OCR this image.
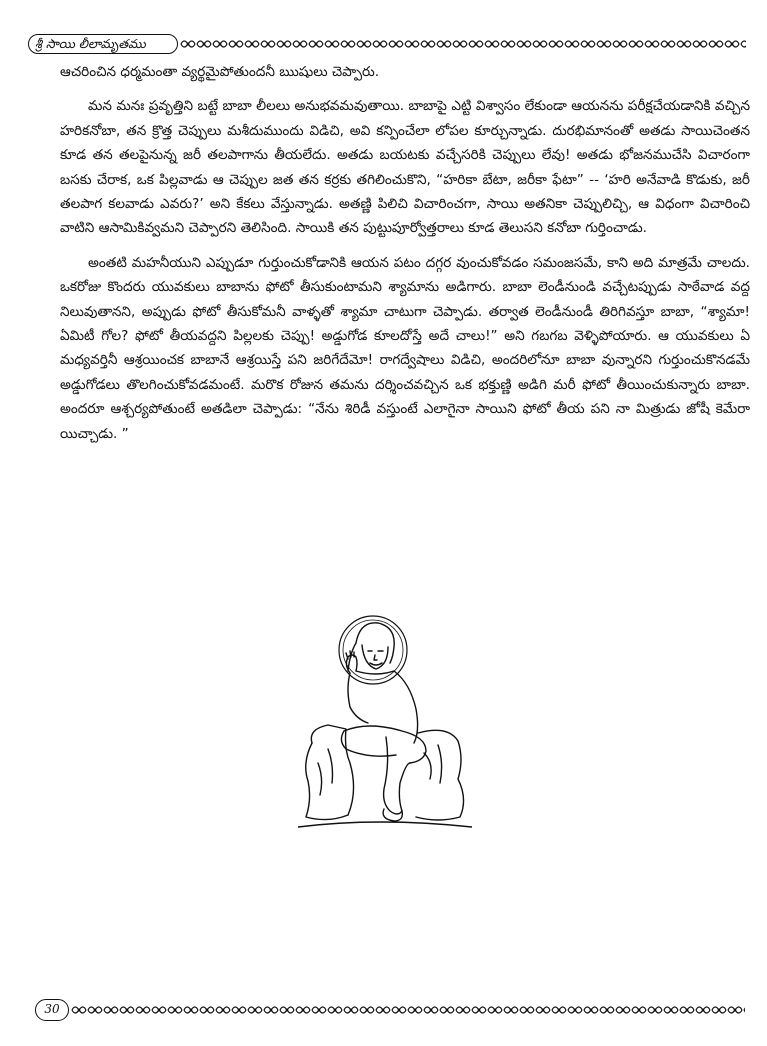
శ్రీ సాయి లీలామృతము

ఆచరించిన ధర్మమంతా వ్యర్థమైపోతుందనీ ఋషులు చెప్పారు.

మన మనః ప్రవృత్తిని బట్టే బాబా లీలలు అనుభవమవుతాయి. బాబాపై ఎట్టి విశ్వాసం లేకుండా ఆయనను పరీక్షచేయడానికి వచ్చిన హరికనోబా, తన క్రొత్త చెప్పులు మశీదుముందు విడిచి, అవి కన్పించేలా లోపల కూర్చున్నాడు. దురభిమానంతో అతడు సాయిచెంతన కూడ తన తలపైనున్న జరీ తలపాగాను తీయలేదు. అతడు బయటకు వచ్చేసరికి చెప్పులు లేవు! అతడు భోజనముచేసి విచారంగా బసకు చేరాక, ఒక పిల్లవాడు ఆ చెప్పుల జత తన కర్రకు తగిలించుకొని, “హరికా బేటా, జరీకా ఫేటా” -- ‘హరి అనేవాడి కొడుకు, జరీ తలపాగ కలవాడు ఎవరు?’ అని కేకలు వేస్తున్నాడు. అతణ్ణి పిలిచి విచారించగా, సాయి అతనికా చెప్పులిచ్చి, ఆ విధంగా విచారించి వాటిని ఆసామికివ్వమని చెప్పారని తెలిసింది. సాయికి తన పుట్టుపూర్వోత్తరాలు కూడ తెలుసని కనోబా గుర్తించాడు.

అంతటి మహనీయుని ఎప్పుడూ గుర్తుంచుకోడానికి ఆయన పటం దగ్గర వుంచుకోవడం సమంజసమే, కాని అది మాత్రమే చాలదు. ఒకరోజు కొందరు యువకులు బాబాను ఫోటో తీసుకుంటామని శ్యామాను అడిగారు. బాబా లెండీనుండి వచ్చేటప్పుడు సాఠేవాడ వద్ద నిలువుతానని, అప్పుడు ఫోటో తీసుకోమనీ వాళ్ళతో శ్యామా చాటుగా చెప్పాడు. తర్వాత లెండీనుండీ తిరిగివస్తూ బాబా, “శ్యామా! ఏమిటీ గోల? ఫోటో తీయవద్దని పిల్లలకు చెప్పు! అడ్డుగోడ కూలదోస్తే అదే చాలు!” అని గబగబ వెళ్ళిపోయారు. ఆ యువకులు ఏ మధ్యవర్తినీ ఆశ్రయించక బాబానే ఆశ్రయిస్తే పని జరిగేదేమో! రాగద్వేషాలు విడిచి, అందరిలోనూ బాబా వున్నారని గుర్తుంచుకొనడమే అడ్డుగోడలు తొలగించుకోవడమంటే. మరొక రోజున తమను దర్శించవచ్చిన ఒక భక్తుణ్ణి అడిగి మరీ ఫోటో తీయించుకున్నారు బాబా. అందరూ ఆశ్చర్యపోతుంటే అతడిలా చెప్పాడు: “నేను శిరిడీ వస్తుంటే ఎలాగైనా సాయిని ఫోటో తీయ పని నా మిత్రుడు జోషీ కెమేరా యిచ్చాడు. ”

30
